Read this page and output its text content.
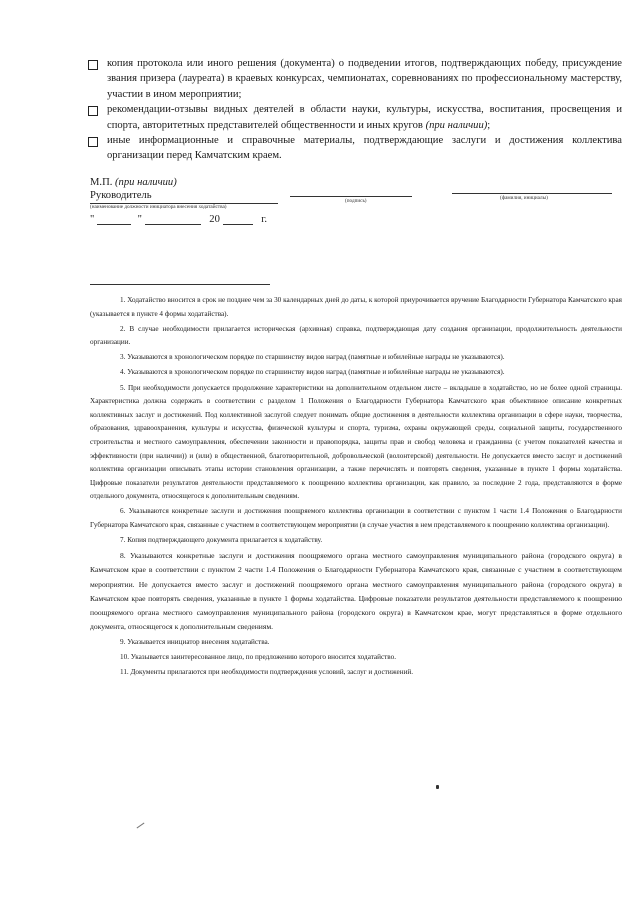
копия протокола или иного решения (документа) о подведении итогов, подтверждающих победу, присуждение звания призера (лауреата) в краевых конкурсах, чемпионатах, соревнованиях по профессиональному мастерству, участии в ином мероприятии;
рекомендации-отзывы видных деятелей в области науки, культуры, искусства, воспитания, просвещения и спорта, авторитетных представителей общественности и иных кругов (при наличии);
иные информационные и справочные материалы, подтверждающие заслуги и достижения коллектива организации перед Камчатским краем.
М.П. (при наличии)
Руководитель
(наименование должности инициатора внесения ходатайства)
(подпись)	(фамилия, инициалы)
"	"	20	г.

1. Ходатайство вносится в срок не позднее чем за 30 календарных дней до даты, к которой приурочивается вручение Благодарности Губернатора Камчатского края (указывается в пункте 4 формы ходатайства).

2. В случае необходимости прилагается историческая (архивная) справка, подтверждающая дату создания организации, продолжительность деятельности организации.

3. Указываются в хронологическом порядке по старшинству видов наград (памятные и юбилейные награды не указываются).

4. Указываются в хронологическом порядке по старшинству видов наград (памятные и юбилейные награды не указываются).

5. При необходимости допускается продолжение характеристики на дополнительном отдельном листе – вкладыше в ходатайство, но не более одной страницы. Характеристика должна содержать в соответствии с разделом 1 Положения о Благодарности Губернатора Камчатского края объективное описание конкретных коллективных заслуг и достижений. Под коллективной заслугой следует понимать общие достижения в деятельности коллектива организации в сфере науки, творчества, образования, здравоохранения, культуры и искусства, физической культуры и спорта, туризма, охраны окружающей среды, социальной защиты, государственного строительства и местного самоуправления, обеспечении законности и правопорядка, защиты прав и свобод человека и гражданина (с учетом показателей качества и эффективности (при наличии)) и (или) в общественной, благотворительной, добровольческой (волонтерской) деятельности. Не допускается вместо заслуг и достижений коллектива организации описывать этапы истории становления организации, а также перечислять и повторять сведения, указанные в пункте 1 формы ходатайства. Цифровые показатели результатов деятельности представляемого к поощрению коллектива организации, как правило, за последние 2 года, представляются в форме отдельного документа, относящегося к дополнительным сведениям.

6. Указываются конкретные заслуги и достижения поощряемого коллектива организации в соответствии с пунктом 1 части 1.4 Положения о Благодарности Губернатора Камчатского края, связанные с участием в соответствующем мероприятии (в случае участия в нем представляемого к поощрению коллектива организации).

7. Копия подтверждающего документа прилагается к ходатайству.

8. Указываются конкретные заслуги и достижения поощряемого органа местного самоуправления муниципального района (городского округа) в Камчатском крае в соответствии с пунктом 2 части 1.4 Положения о Благодарности Губернатора Камчатского края, связанные с участием в соответствующем мероприятии. Не допускается вместо заслуг и достижений поощряемого органа местного самоуправления муниципального района (городского округа) в Камчатском крае повторять сведения, указанные в пункте 1 формы ходатайства. Цифровые показатели результатов деятельности представляемого к поощрению поощряемого органа местного самоуправления муниципального района (городского округа) в Камчатском крае, могут представляться в форме отдельного документа, относящегося к дополнительным сведениям.

9. Указывается инициатор внесения ходатайства.

10. Указывается заинтересованное лицо, по предложению которого вносится ходатайство.

11. Документы прилагаются при необходимости подтверждения условий, заслуг и достижений.
